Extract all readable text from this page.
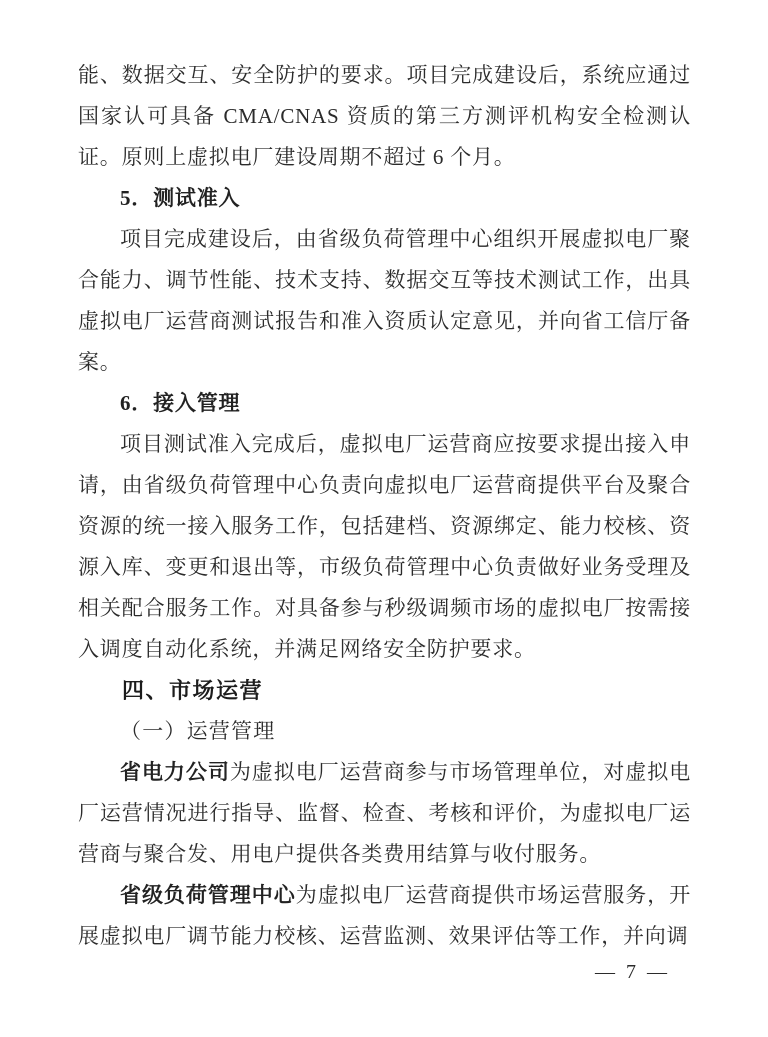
能、数据交互、安全防护的要求。项目完成建设后，系统应通过国家认可具备 CMA/CNAS 资质的第三方测评机构安全检测认证。原则上虚拟电厂建设周期不超过 6 个月。

5．测试准入

项目完成建设后，由省级负荷管理中心组织开展虚拟电厂聚合能力、调节性能、技术支持、数据交互等技术测试工作，出具虚拟电厂运营商测试报告和准入资质认定意见，并向省工信厅备案。

6．接入管理

项目测试准入完成后，虚拟电厂运营商应按要求提出接入申请，由省级负荷管理中心负责向虚拟电厂运营商提供平台及聚合资源的统一接入服务工作，包括建档、资源绑定、能力校核、资源入库、变更和退出等，市级负荷管理中心负责做好业务受理及相关配合服务工作。对具备参与秒级调频市场的虚拟电厂按需接入调度自动化系统，并满足网络安全防护要求。

四、市场运营

（一）运营管理

省电力公司为虚拟电厂运营商参与市场管理单位，对虚拟电厂运营情况进行指导、监督、检查、考核和评价，为虚拟电厂运营商与聚合发、用电户提供各类费用结算与收付服务。

省级负荷管理中心为虚拟电厂运营商提供市场运营服务，开展虚拟电厂调节能力校核、运营监测、效果评估等工作，并向调

— 7 —
